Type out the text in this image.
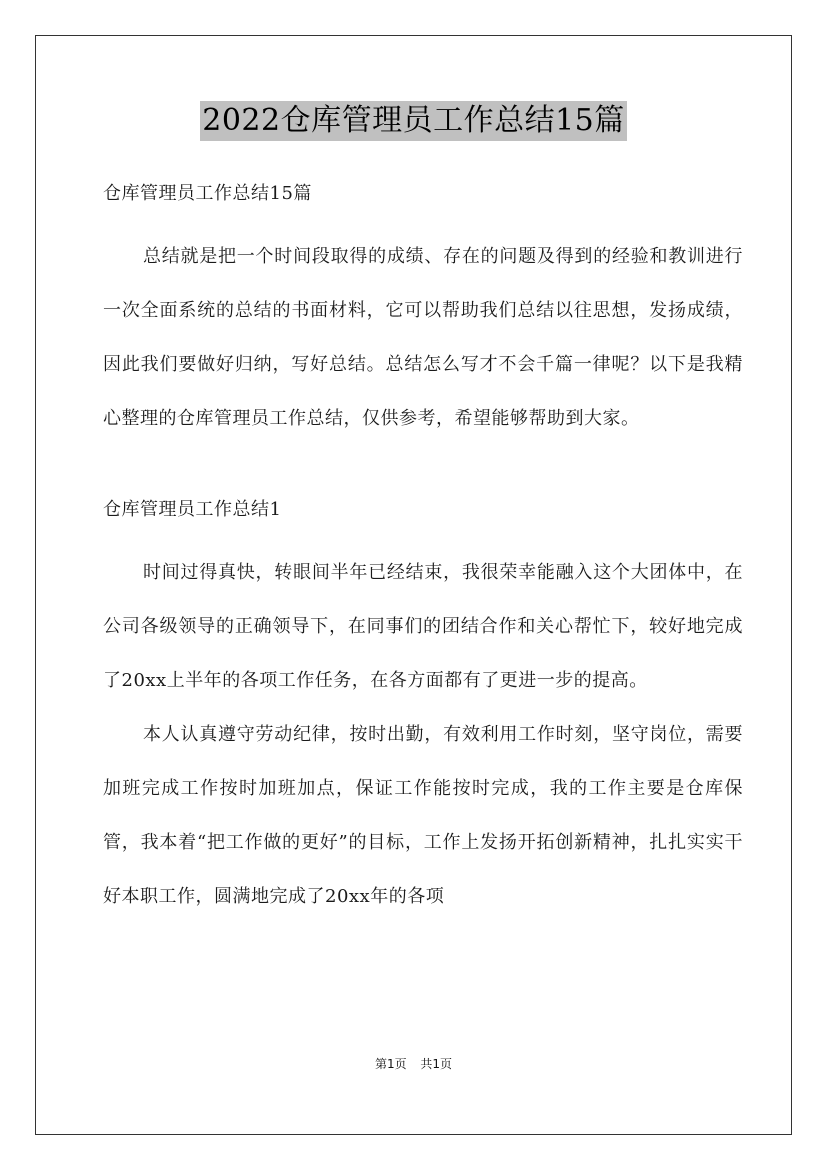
2022仓库管理员工作总结15篇

仓库管理员工作总结15篇

总结就是把一个时间段取得的成绩、存在的问题及得到的经验和教训进行一次全面系统的总结的书面材料，它可以帮助我们总结以往思想，发扬成绩，因此我们要做好归纳，写好总结。总结怎么写才不会千篇一律呢？以下是我精心整理的仓库管理员工作总结，仅供参考，希望能够帮助到大家。

仓库管理员工作总结1

时间过得真快，转眼间半年已经结束，我很荣幸能融入这个大团体中，在公司各级领导的正确领导下，在同事们的团结合作和关心帮忙下，较好地完成了20xx上半年的各项工作任务，在各方面都有了更进一步的提高。

本人认真遵守劳动纪律，按时出勤，有效利用工作时刻，坚守岗位，需要加班完成工作按时加班加点，保证工作能按时完成，我的工作主要是仓库保管，我本着“把工作做的更好”的目标，工作上发扬开拓创新精神，扎扎实实干好本职工作，圆满地完成了20xx年的各项

第1页 共1页
